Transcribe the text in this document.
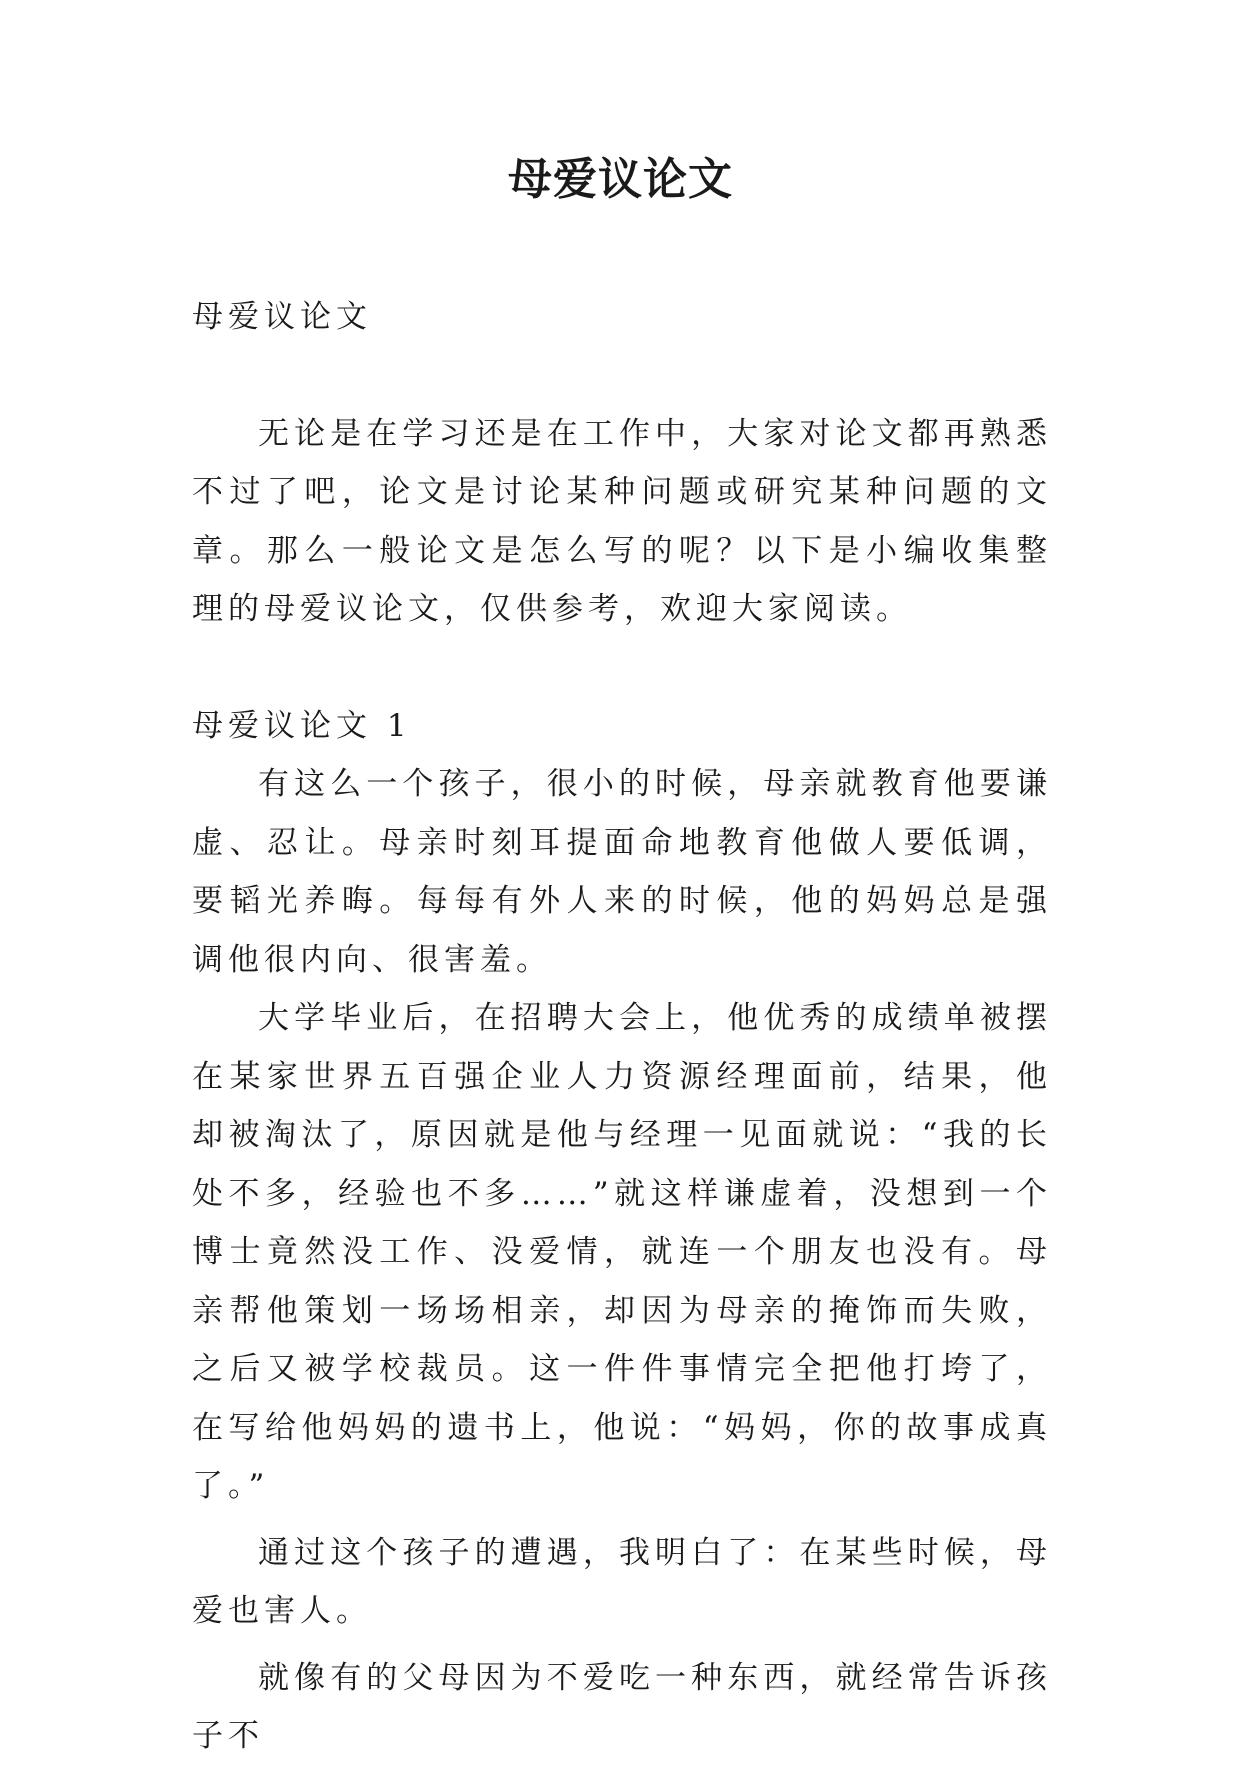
母爱议论文

母爱议论文

无论是在学习还是在工作中，大家对论文都再熟悉不过了吧，论文是讨论某种问题或研究某种问题的文章。那么一般论文是怎么写的呢？以下是小编收集整理的母爱议论文，仅供参考，欢迎大家阅读。

母爱议论文 1

有这么一个孩子，很小的时候，母亲就教育他要谦虚、忍让。母亲时刻耳提面命地教育他做人要低调，要韬光养晦。每每有外人来的时候，他的妈妈总是强调他很内向、很害羞。

大学毕业后，在招聘大会上，他优秀的成绩单被摆在某家世界五百强企业人力资源经理面前，结果，他却被淘汰了，原因就是他与经理一见面就说：“我的长处不多，经验也不多……”就这样谦虚着，没想到一个博士竟然没工作、没爱情，就连一个朋友也没有。母亲帮他策划一场场相亲，却因为母亲的掩饰而失败，之后又被学校裁员。这一件件事情完全把他打垮了，在写给他妈妈的遗书上，他说：“妈妈，你的故事成真了。”

通过这个孩子的遭遇，我明白了：在某些时候，母爱也害人。

就像有的父母因为不爱吃一种东西，就经常告诉孩子不
